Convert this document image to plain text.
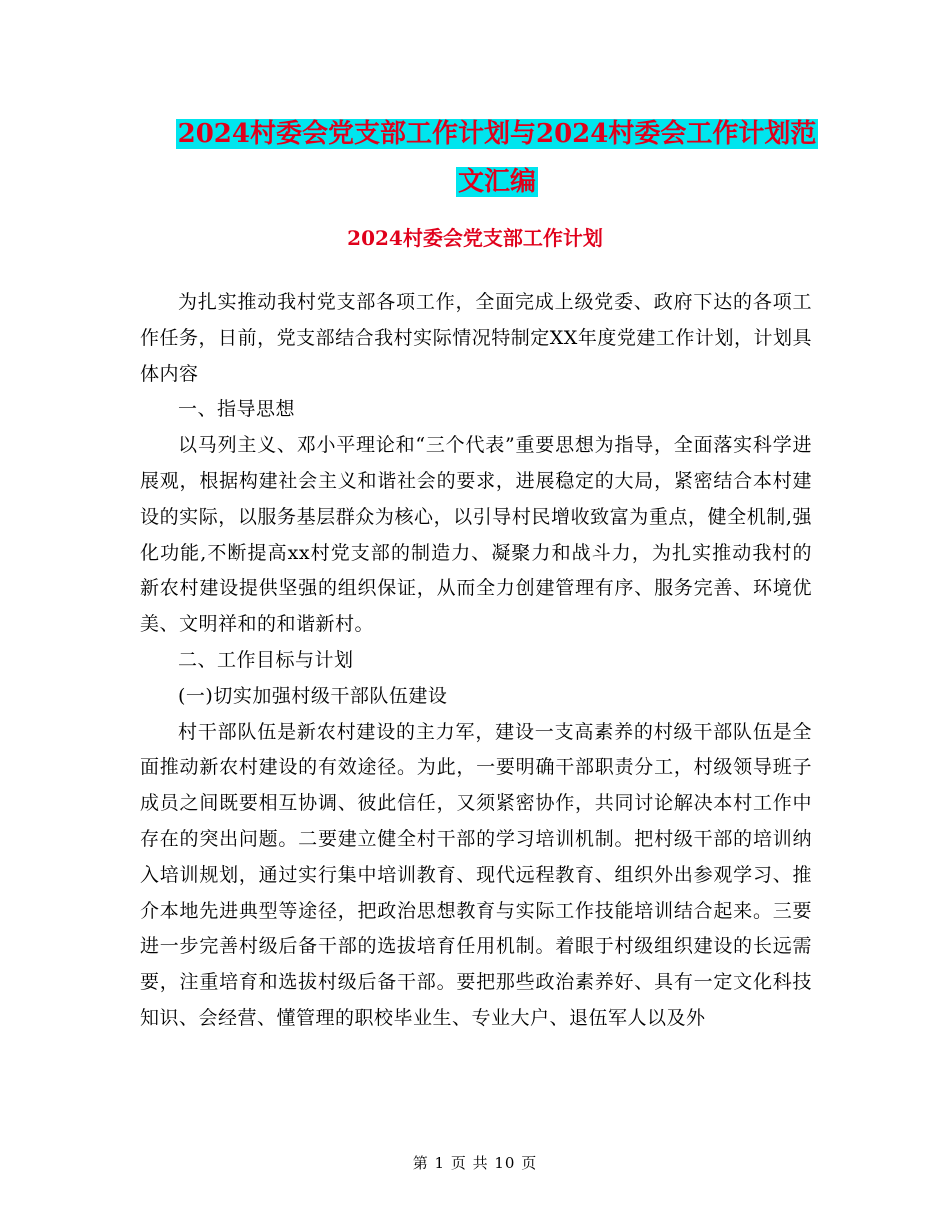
2024村委会党支部工作计划与2024村委会工作计划范
文汇编
2024村委会党支部工作计划

为扎实推动我村党支部各项工作，全面完成上级党委、政府下达的各项工作任务，日前，党支部结合我村实际情况特制定XX年度党建工作计划，计划具体内容

一、指导思想

以马列主义、邓小平理论和“三个代表”重要思想为指导，全面落实科学进展观，根据构建社会主义和谐社会的要求，进展稳定的大局，紧密结合本村建设的实际，以服务基层群众为核心，以引导村民增收致富为重点，健全机制,强化功能,不断提高xx村党支部的制造力、凝聚力和战斗力，为扎实推动我村的新农村建设提供坚强的组织保证，从而全力创建管理有序、服务完善、环境优美、文明祥和的和谐新村。

二、工作目标与计划

(一)切实加强村级干部队伍建设

村干部队伍是新农村建设的主力军，建设一支高素养的村级干部队伍是全面推动新农村建设的有效途径。为此，一要明确干部职责分工，村级领导班子成员之间既要相互协调、彼此信任，又须紧密协作，共同讨论解决本村工作中存在的突出问题。二要建立健全村干部的学习培训机制。把村级干部的培训纳入培训规划，通过实行集中培训教育、现代远程教育、组织外出参观学习、推介本地先进典型等途径，把政治思想教育与实际工作技能培训结合起来。三要进一步完善村级后备干部的选拔培育任用机制。着眼于村级组织建设的长远需要，注重培育和选拔村级后备干部。要把那些政治素养好、具有一定文化科技知识、会经营、懂管理的职校毕业生、专业大户、退伍军人以及外

第 1 页 共 10 页
